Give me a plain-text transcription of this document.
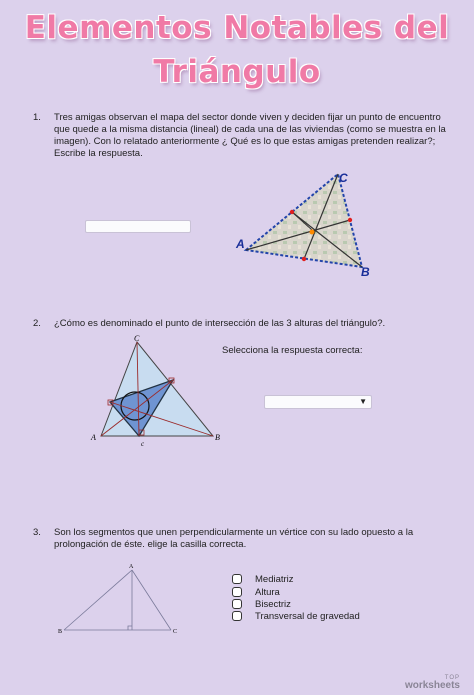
Elementos Notables del
Triángulo
1. Tres amigas observan el mapa del sector donde viven y deciden fijar un punto de encuentro que quede a la misma distancia (lineal) de cada una de las viviendas (como se muestra en la imagen). Con lo relatado anteriormente ¿ Qué es lo que estas amigas pretenden realizar?; Escribe la respuesta.
A
C
B
2. ¿Cómo es denominado el punto de intersección de las 3 alturas del triángulo?.
C
A	B
c
Selecciona la respuesta correcta:
▼
3. Son los segmentos que unen perpendicularmente un vértice con su lado opuesto a la prolongación de éste. elige la casilla correcta.
A
B	C
Mediatriz
Altura
Bisectriz
Transversal de gravedad
TOP
worksheets
